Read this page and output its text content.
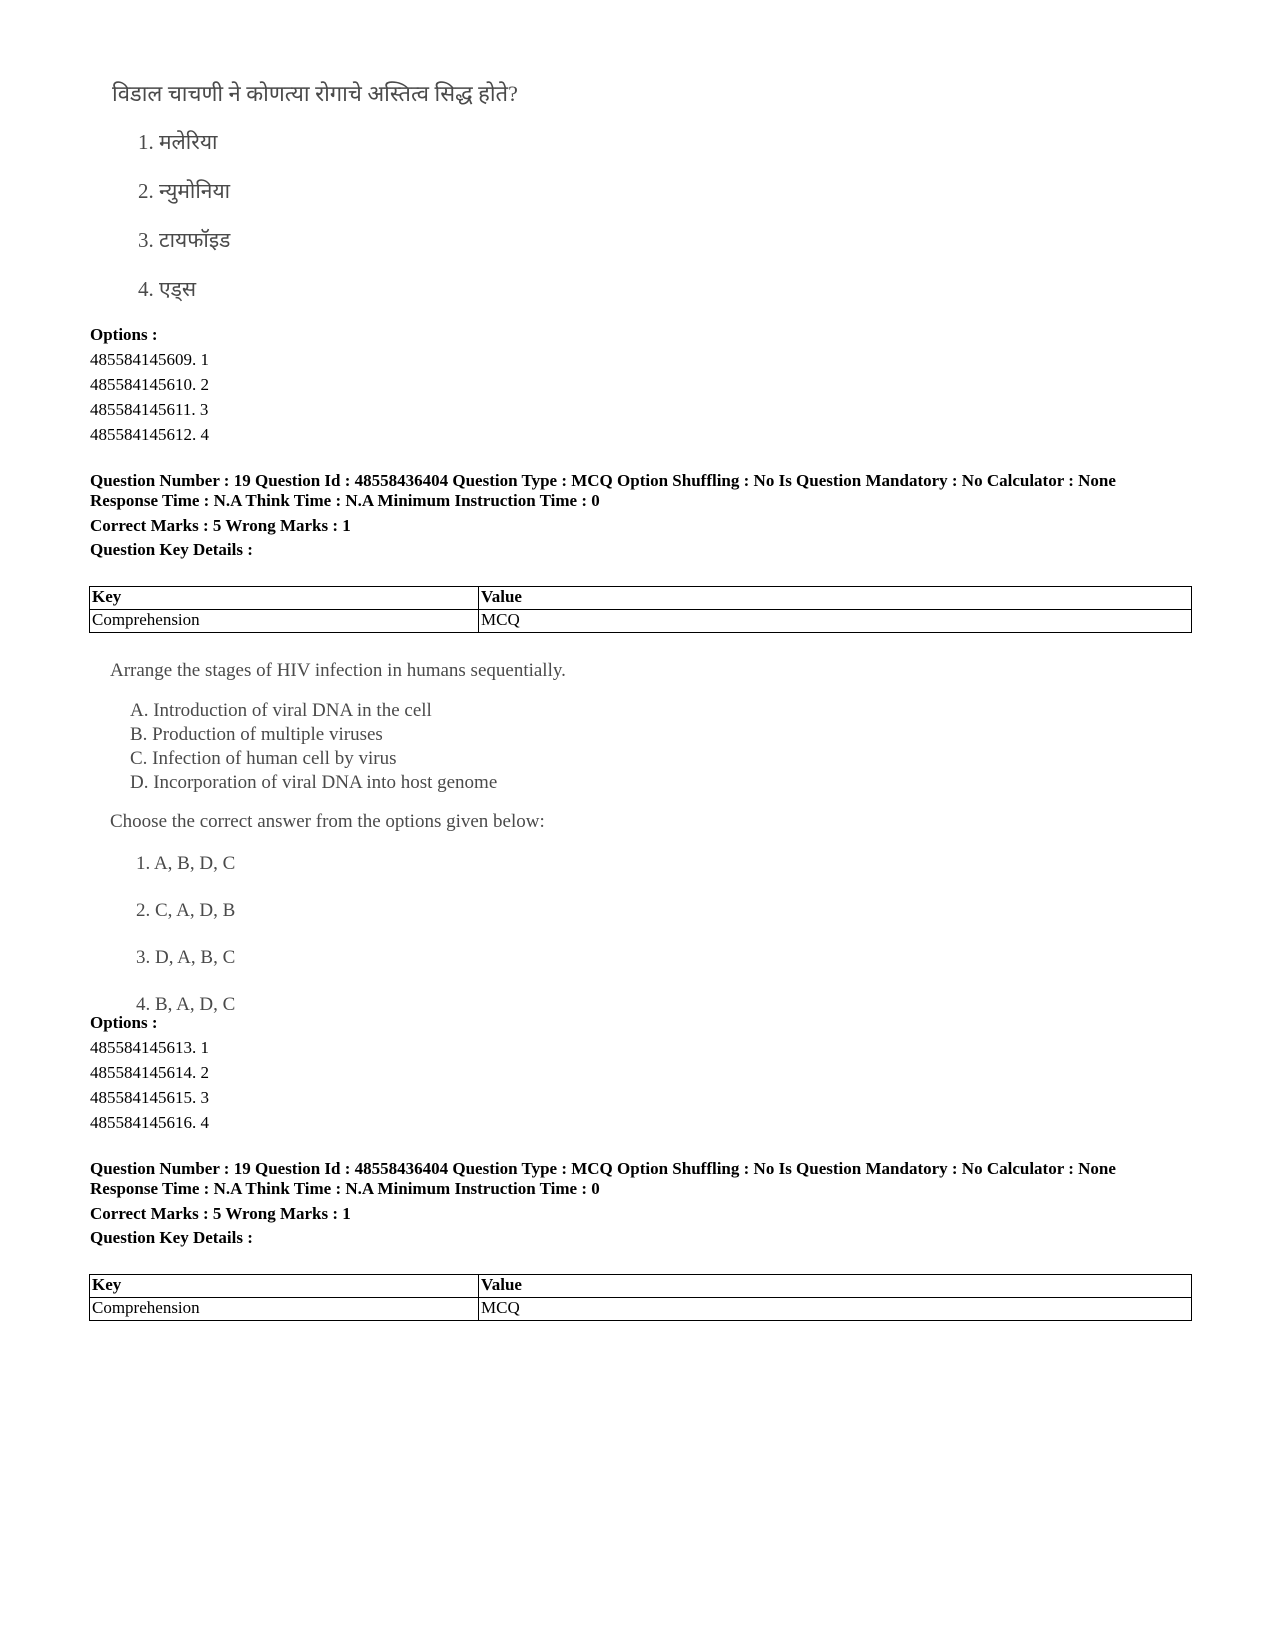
विडाल चाचणी ने कोणत्या रोगाचे अस्तित्व सिद्ध होते?
1. मलेरिया
2. न्युमोनिया
3. टायफॉइड
4. एड्स
Options :
485584145609. 1
485584145610. 2
485584145611. 3
485584145612. 4
Question Number : 19 Question Id : 48558436404 Question Type : MCQ Option Shuffling : No Is Question Mandatory : No Calculator : None
Response Time : N.A Think Time : N.A Minimum Instruction Time : 0
Correct Marks : 5 Wrong Marks : 1
Question Key Details :
Key	Value
Comprehension	MCQ
Arrange the stages of HIV infection in humans sequentially.
A. Introduction of viral DNA in the cell
B. Production of multiple viruses
C. Infection of human cell by virus
D. Incorporation of viral DNA into host genome
Choose the correct answer from the options given below:
1. A, B, D, C
2. C, A, D, B
3. D, A, B, C
4. B, A, D, C
Options :
485584145613. 1
485584145614. 2
485584145615. 3
485584145616. 4
Question Number : 19 Question Id : 48558436404 Question Type : MCQ Option Shuffling : No Is Question Mandatory : No Calculator : None
Response Time : N.A Think Time : N.A Minimum Instruction Time : 0
Correct Marks : 5 Wrong Marks : 1
Question Key Details :
Key	Value
Comprehension	MCQ
